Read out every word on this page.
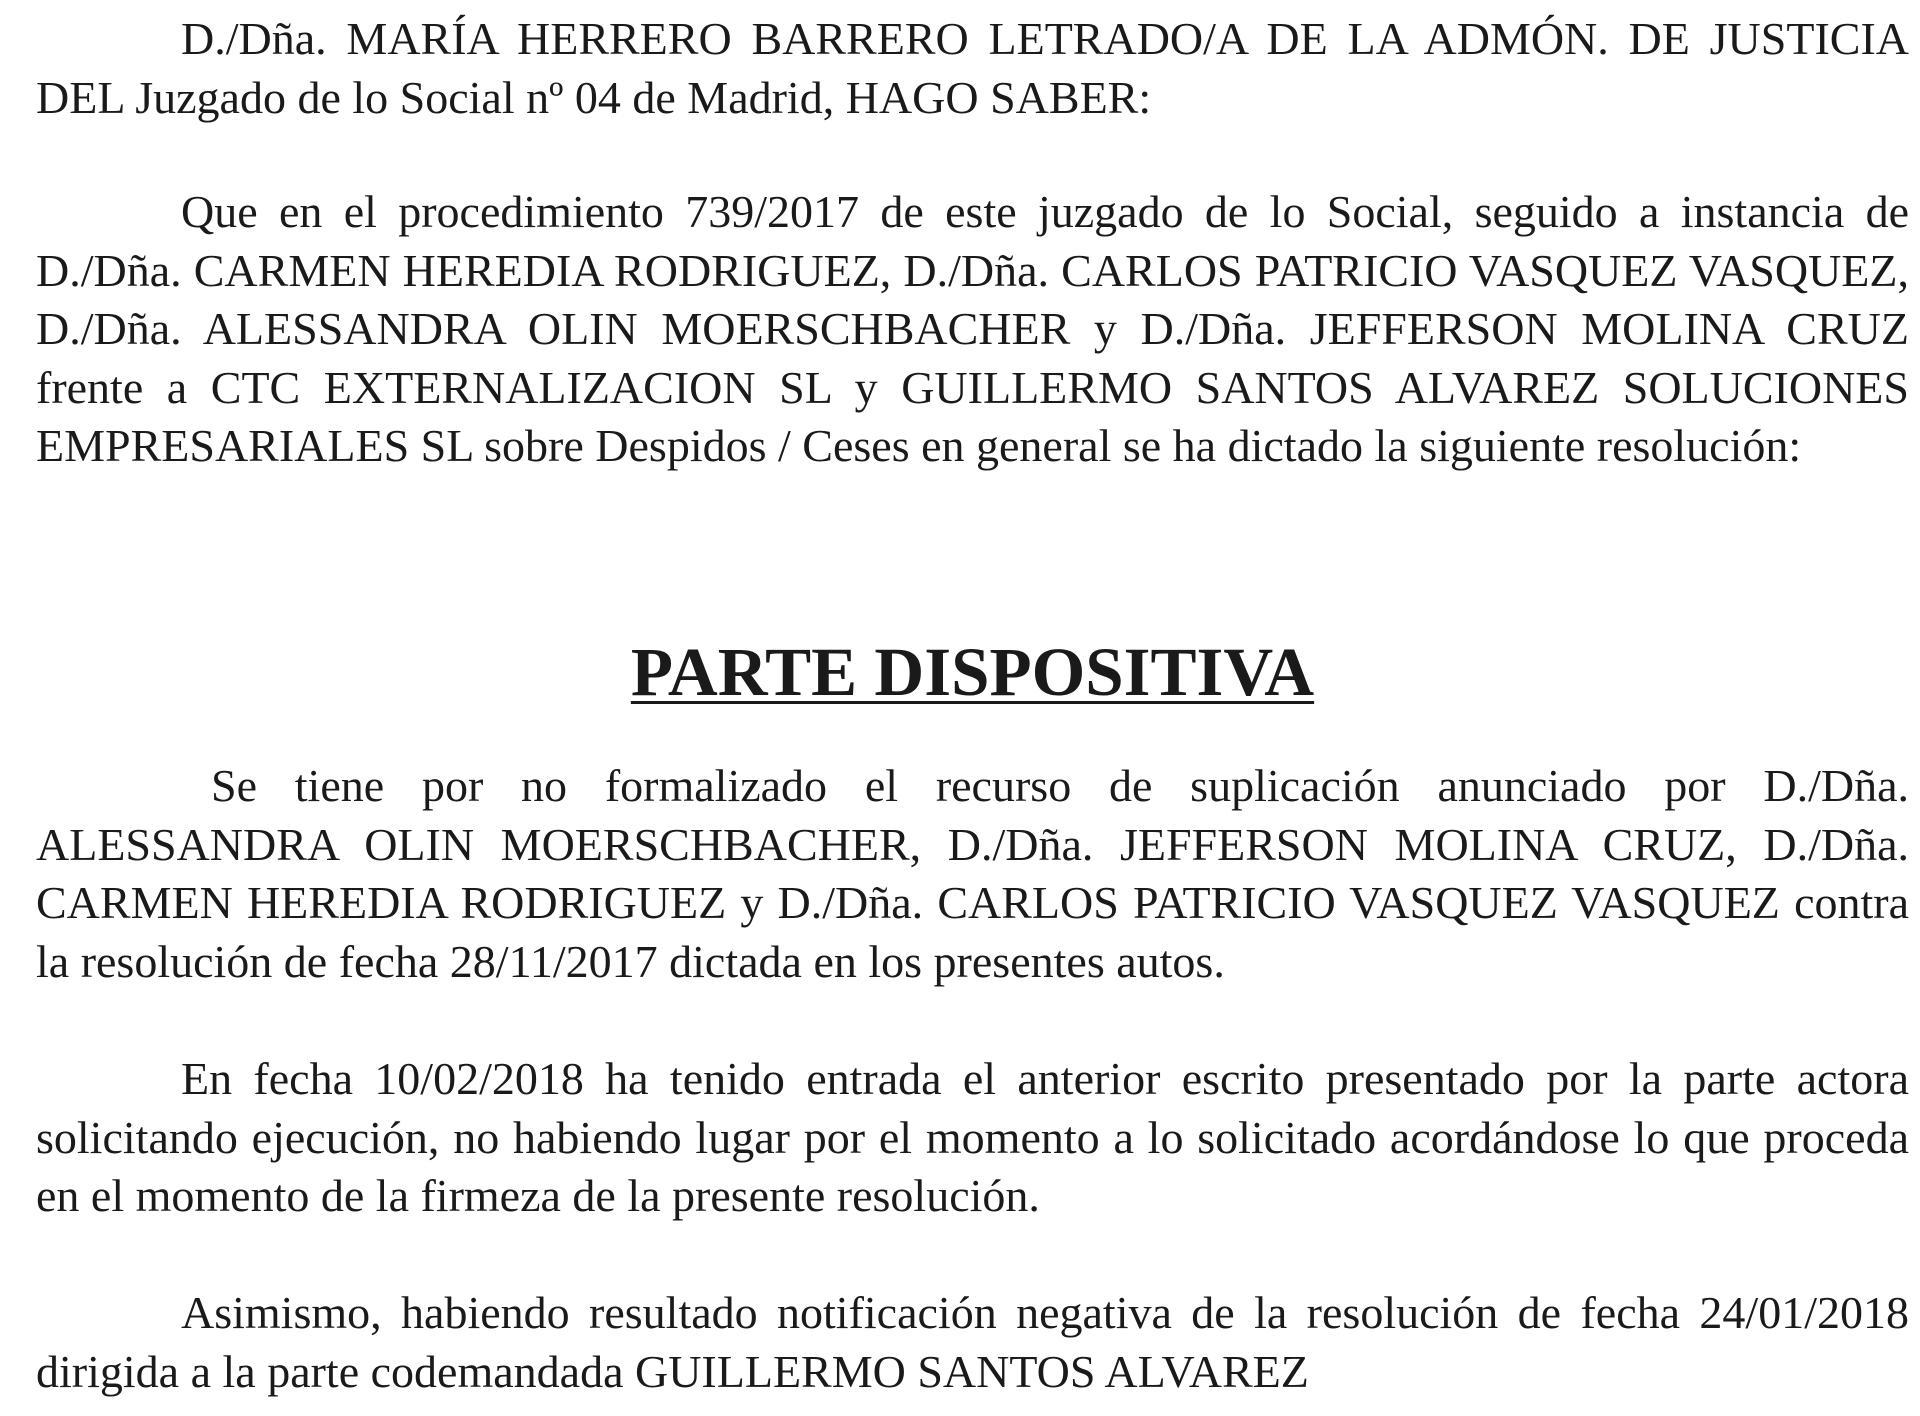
D./Dña. MARÍA HERRERO BARRERO LETRADO/A DE LA ADMÓN. DE JUSTICIA DEL Juzgado de lo Social nº 04 de Madrid, HAGO SABER:

Que en el procedimiento 739/2017 de este juzgado de lo Social, seguido a instancia de D./Dña. CARMEN HEREDIA RODRIGUEZ, D./Dña. CARLOS PATRICIO VASQUEZ VASQUEZ, D./Dña. ALESSANDRA OLIN MOERSCHBACHER y D./Dña. JEFFERSON MOLINA CRUZ frente a CTC EXTERNALIZACION SL y GUILLERMO SANTOS ALVAREZ SOLUCIONES EMPRESARIALES SL sobre Despidos / Ceses en general se ha dictado la siguiente resolución:

PARTE DISPOSITIVA

Se tiene por no formalizado el recurso de suplicación anunciado por D./Dña. ALESSANDRA OLIN MOERSCHBACHER, D./Dña. JEFFERSON MOLINA CRUZ, D./Dña. CARMEN HEREDIA RODRIGUEZ y D./Dña. CARLOS PATRICIO VASQUEZ VASQUEZ contra la resolución de fecha 28/11/2017 dictada en los presentes autos.

En fecha 10/02/2018 ha tenido entrada el anterior escrito presentado por la parte actora solicitando ejecución, no habiendo lugar por el momento a lo solicitado acordándose lo que proceda en el momento de la firmeza de la presente resolución.

Asimismo, habiendo resultado notificación negativa de la resolución de fecha 24/01/2018 dirigida a la parte codemandada GUILLERMO SANTOS ALVAREZ
